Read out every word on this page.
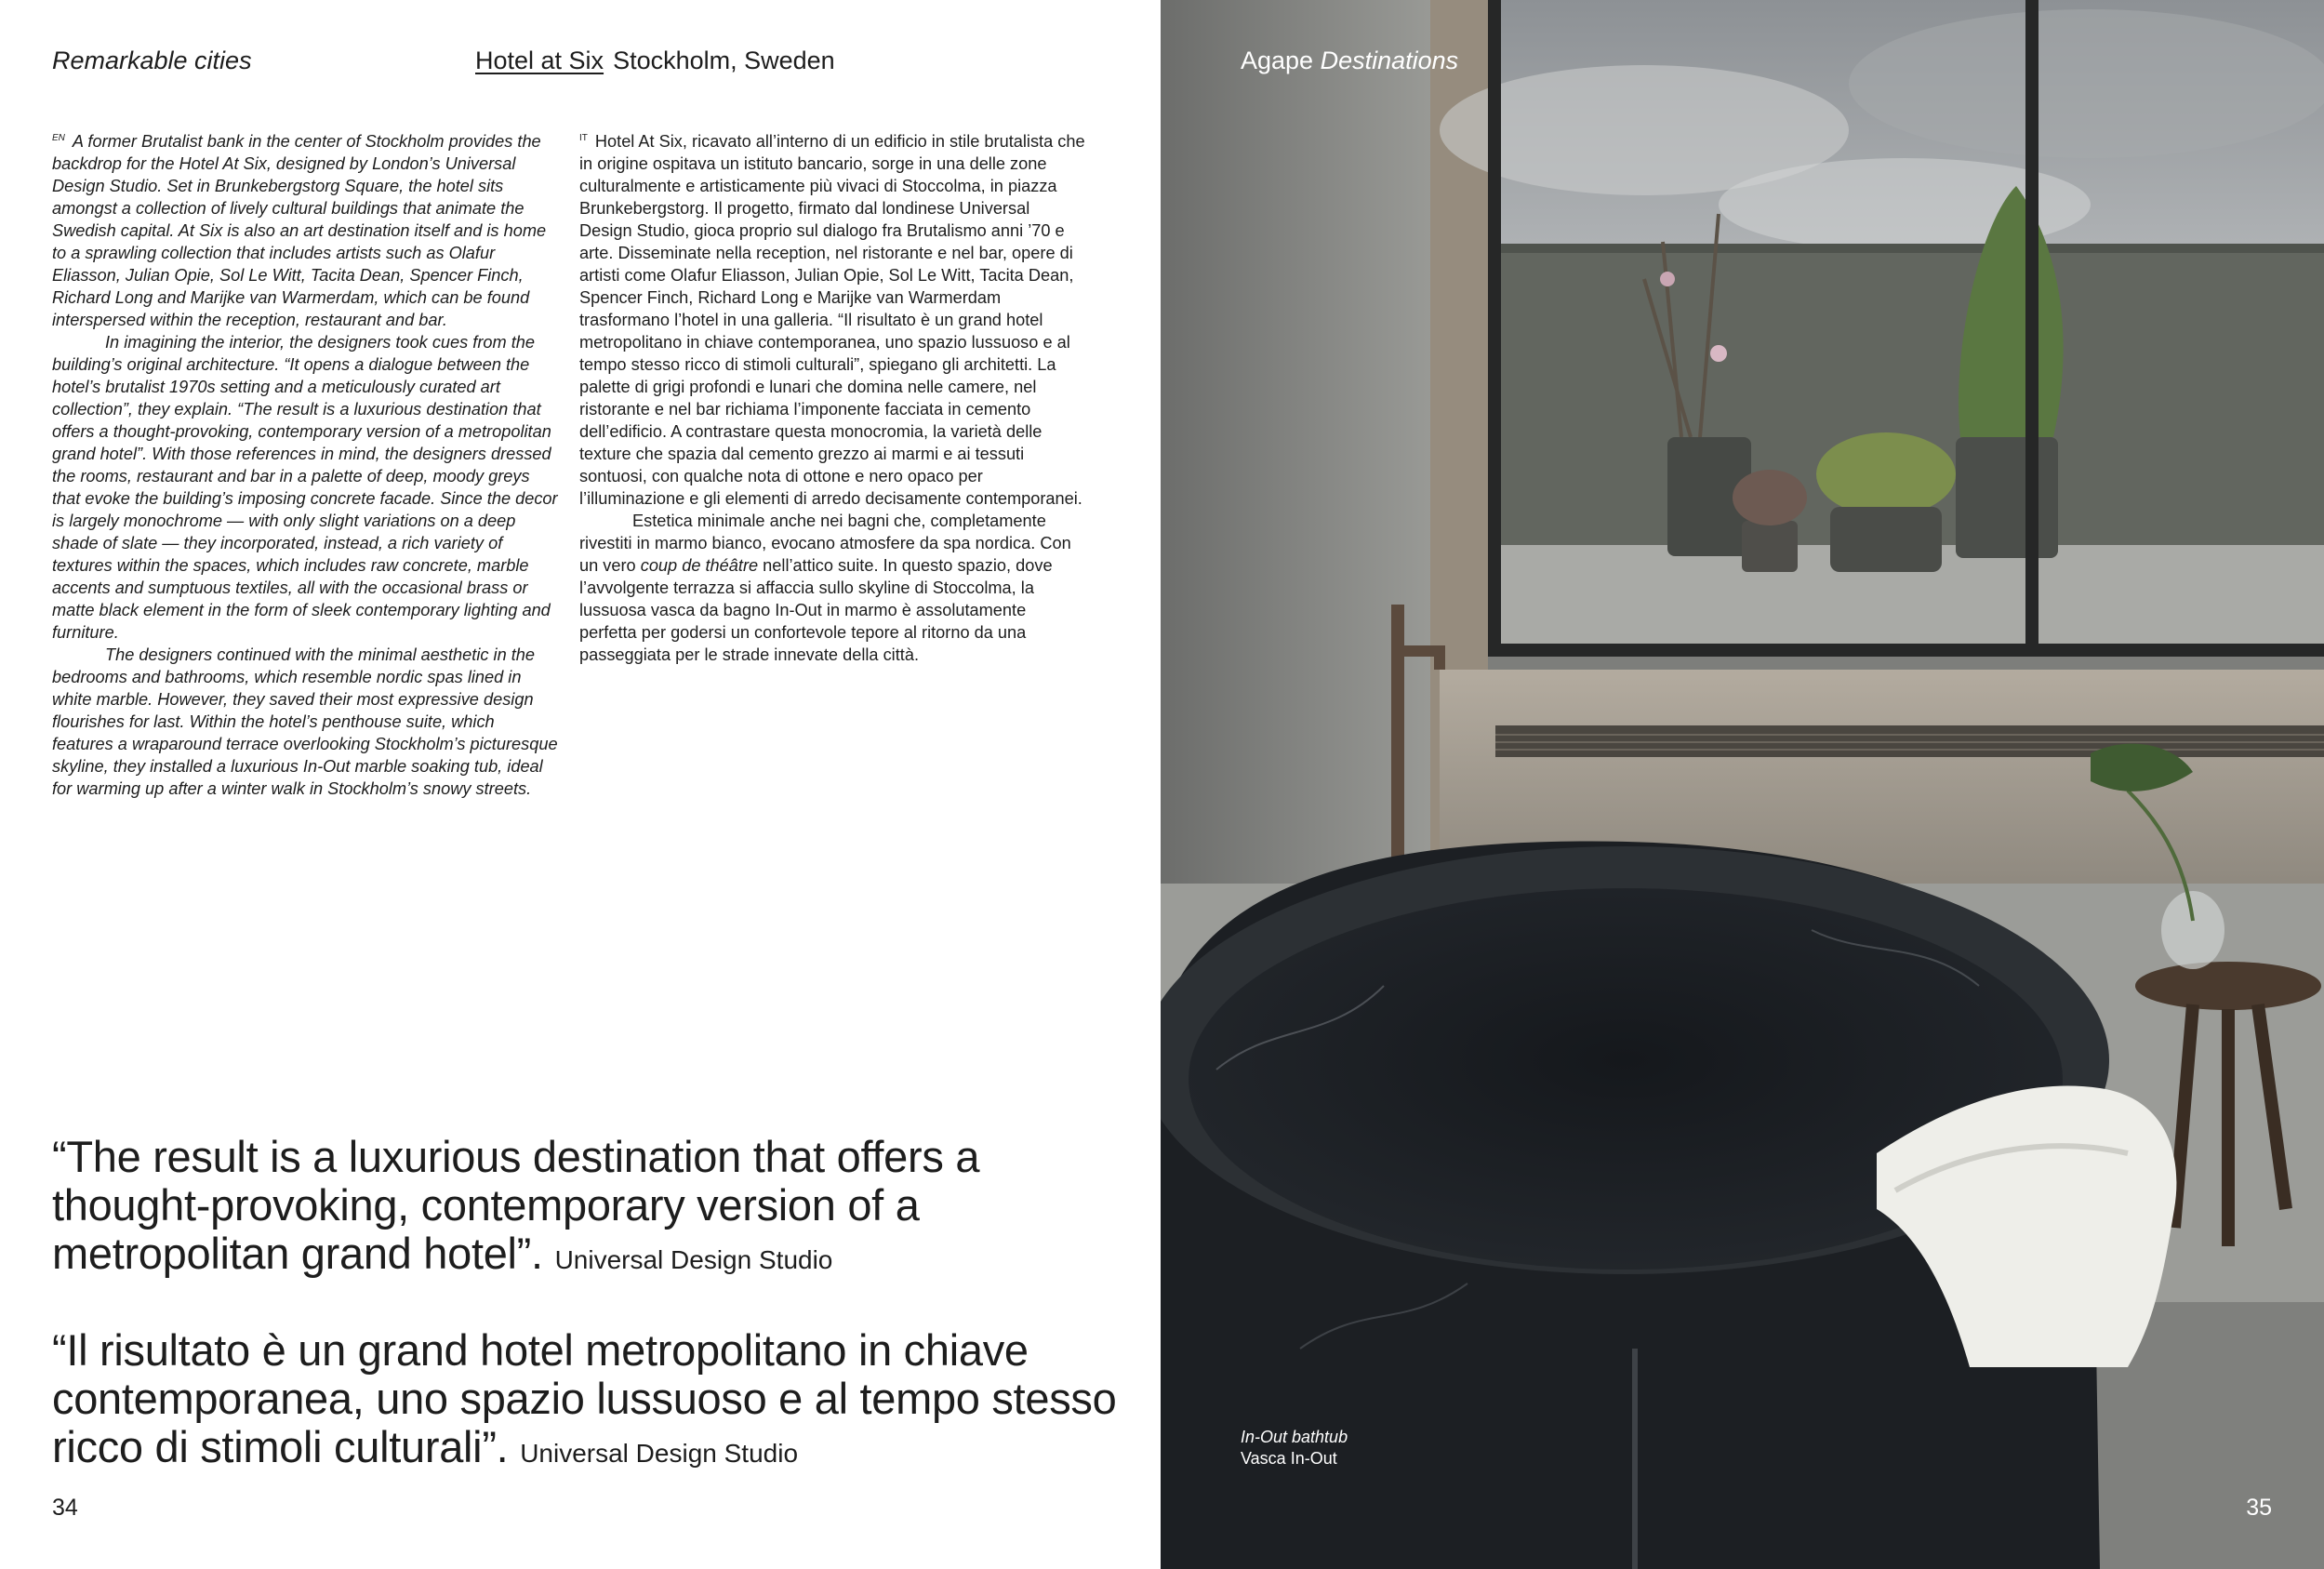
Remarkable cities	Hotel at Six Stockholm, Sweden

$^{EN}$ A former Brutalist bank in the center of Stockholm provides the backdrop for the Hotel At Six, designed by London’s Universal Design Studio. Set in Brunkebergstorg Square, the hotel sits amongst a collection of lively cultural buildings that animate the Swedish capital. At Six is also an art destination itself and is home to a sprawling collection that includes artists such as Olafur Eliasson, Julian Opie, Sol Le Witt, Tacita Dean, Spencer Finch, Richard Long and Marijke van Warmerdam, which can be found interspersed within the reception, restaurant and bar.

In imagining the interior, the designers took cues from the building’s original architecture. “It opens a dialogue between the hotel’s brutalist 1970s setting and a meticulously curated art collection”, they explain. “The result is a luxurious destination that offers a thought-provoking, contemporary version of a metropolitan grand hotel”. With those references in mind, the designers dressed the rooms, restaurant and bar in a palette of deep, moody greys that evoke the building’s imposing concrete facade. Since the decor is largely monochrome — with only slight variations on a deep shade of slate — they incorporated, instead, a rich variety of textures within the spaces, which includes raw concrete, marble accents and sumptuous textiles, all with the occasional brass or matte black element in the form of sleek contemporary lighting and furniture.

The designers continued with the minimal aesthetic in the bedrooms and bathrooms, which resemble nordic spas lined in white marble. However, they saved their most expressive design flourishes for last. Within the hotel’s penthouse suite, which features a wraparound terrace overlooking Stockholm’s picturesque skyline, they installed a luxurious In-Out marble soaking tub, ideal for warming up after a winter walk in Stockholm’s snowy streets.

$^{IT}$ Hotel At Six, ricavato all’interno di un edificio in stile brutalista che in origine ospitava un istituto bancario, sorge in una delle zone culturalmente e artisticamente più vivaci di Stoccolma, in piazza Brunkebergstorg. Il progetto, firmato dal londinese Universal Design Studio, gioca proprio sul dialogo fra Brutalismo anni ’70 e arte. Disseminate nella reception, nel ristorante e nel bar, opere di artisti come Olafur Eliasson, Julian Opie, Sol Le Witt, Tacita Dean, Spencer Finch, Richard Long e Marijke van Warmerdam trasformano l’hotel in una galleria. “Il risultato è un grand hotel metropolitano in chiave contemporanea, uno spazio lussuoso e al tempo stesso ricco di stimoli culturali”, spiegano gli architetti. La palette di grigi profondi e lunari che domina nelle camere, nel ristorante e nel bar richiama l’imponente facciata in cemento dell’edificio. A contrastare questa monocromia, la varietà delle texture che spazia dal cemento grezzo ai marmi e ai tessuti sontuosi, con qualche nota di ottone e nero opaco per l’illuminazione e gli elementi di arredo decisamente contemporanei.

Estetica minimale anche nei bagni che, completamente rivestiti in marmo bianco, evocano atmosfere da spa nordica. Con un vero coup de théâtre nell’attico suite. In questo spazio, dove l’avvolgente terrazza si affaccia sullo skyline di Stoccolma, la lussuosa vasca da bagno In-Out in marmo è assolutamente perfetta per godersi un confortevole tepore al ritorno da una passeggiata per le strade innevate della città.

“The result is a luxurious destination that offers a thought-provoking, contemporary version of a metropolitan grand hotel”. Universal Design Studio
“Il risultato è un grand hotel metropolitano in chiave contemporanea, uno spazio lussuoso e al tempo stesso ricco di stimoli culturali”. Universal Design Studio
34
Agape Destinations
In-Out bathtub
Vasca In-Out
35
